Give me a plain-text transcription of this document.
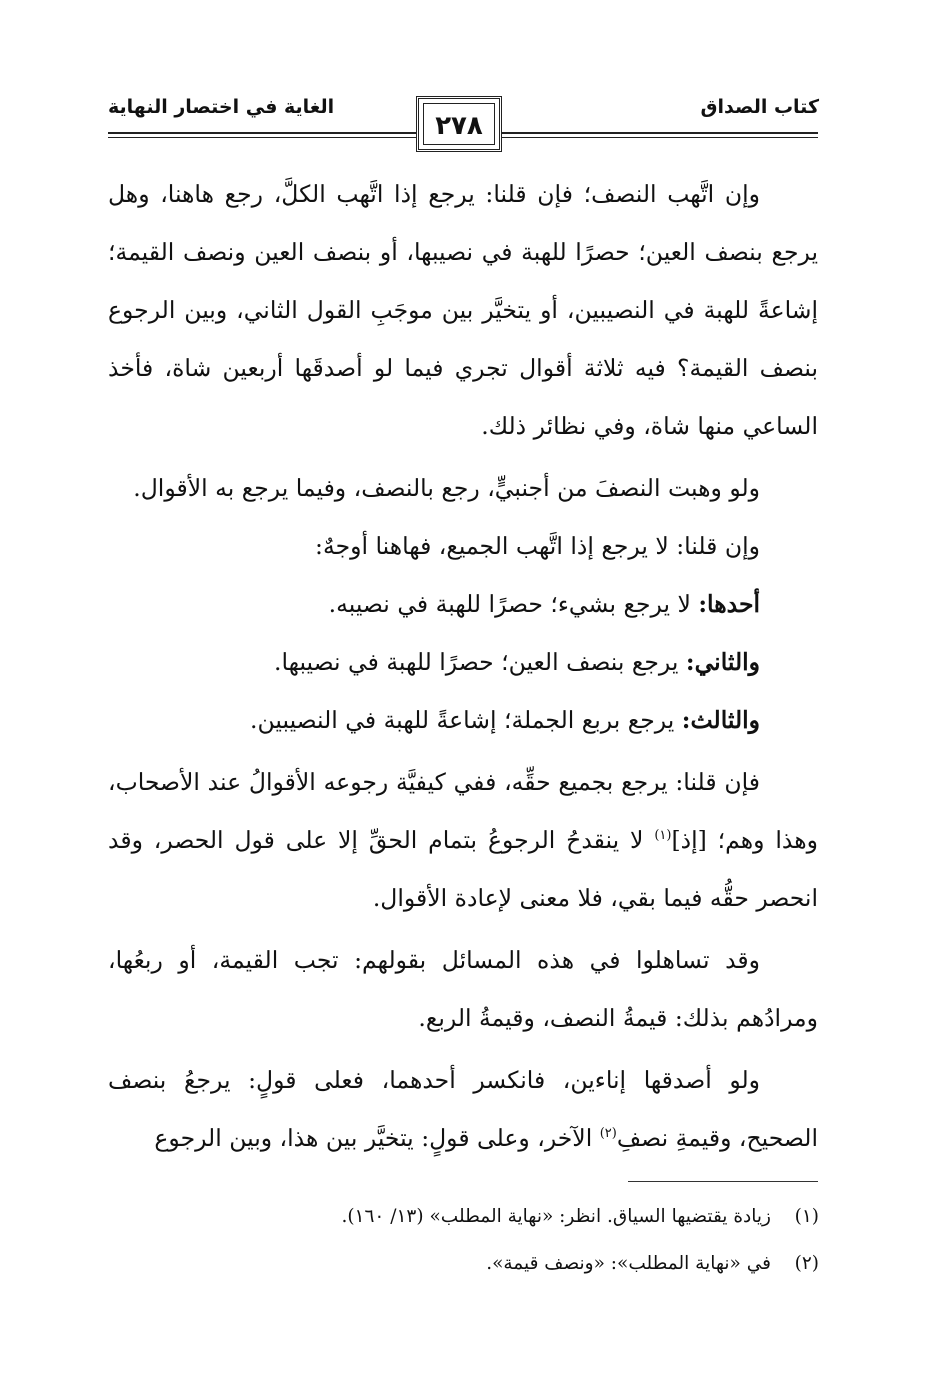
كتاب الصداق
الغاية في اختصار النهاية
٢٧٨

وإن اتَّهب النصف؛ فإن قلنا: يرجع إذا اتَّهب الكلَّ، رجع هاهنا، وهل يرجع بنصف العين؛ حصرًا للهبة في نصيبها، أو بنصف العين ونصف القيمة؛ إشاعةً للهبة في النصيبين، أو يتخيَّر بين موجَبِ القول الثاني، وبين الرجوع بنصف القيمة؟ فيه ثلاثة أقوال تجري فيما لو أصدقَها أربعين شاة، فأخذ الساعي منها شاة، وفي نظائر ذلك.

ولو وهبت النصفَ من أجنبيٍّ، رجع بالنصف، وفيما يرجع به الأقوال.

وإن قلنا: لا يرجع إذا اتَّهب الجميع، فهاهنا أوجهٌ:

أحدها: لا يرجع بشيء؛ حصرًا للهبة في نصيبه.

والثاني: يرجع بنصف العين؛ حصرًا للهبة في نصيبها.

والثالث: يرجع بربع الجملة؛ إشاعةً للهبة في النصيبين.

فإن قلنا: يرجع بجميع حقِّه، ففي كيفيَّة رجوعه الأقوالُ عند الأصحاب، وهذا وهم؛ [إذ]$^{(١)}$ لا ينقدحُ الرجوعُ بتمام الحقِّ إلا على قول الحصر، وقد انحصر حقُّه فيما بقي، فلا معنى لإعادة الأقوال.

وقد تساهلوا في هذه المسائل بقولهم: تجب القيمة، أو ربعُها، ومرادُهم بذلك: قيمةُ النصف، وقيمةُ الربع.

ولو أصدقها إناءين، فانكسر أحدهما، فعلى قولٍ: يرجعُ بنصف الصحيح، وقيمةِ نصفِ$^{(٢)}$ الآخر، وعلى قولٍ: يتخيَّر بين هذا، وبين الرجوع

(١)زيادة يقتضيها السياق. انظر: «نهاية المطلب» (١٣/ ١٦٠).
(٢)في «نهاية المطلب»: «ونصف قيمة».
